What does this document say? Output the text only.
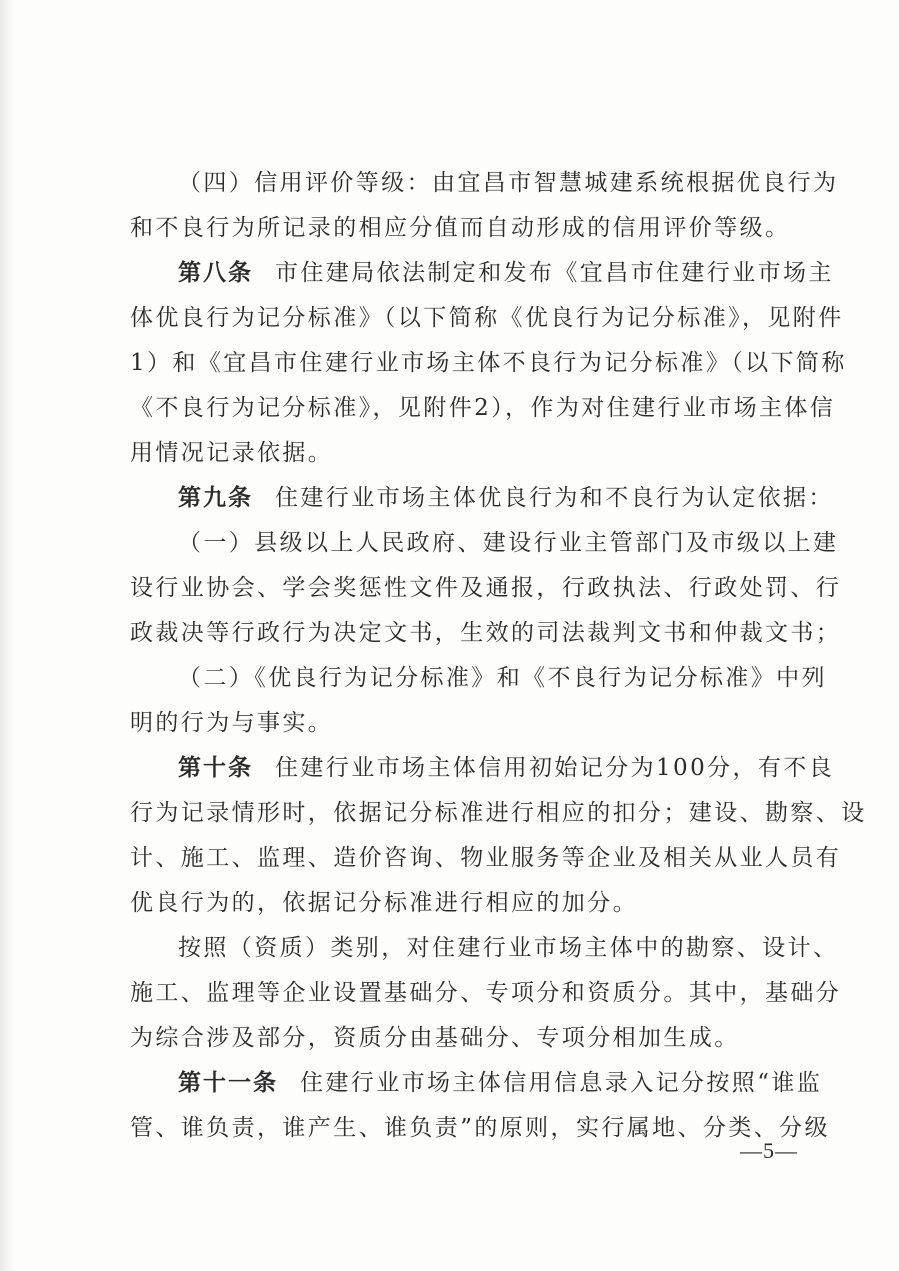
（四）信用评价等级：由宜昌市智慧城建系统根据优良行为
和不良行为所记录的相应分值而自动形成的信用评价等级。
第八条 市住建局依法制定和发布《宜昌市住建行业市场主
体优良行为记分标准》（以下简称《优良行为记分标准》，见附件
1）和《宜昌市住建行业市场主体不良行为记分标准》（以下简称
《不良行为记分标准》，见附件2），作为对住建行业市场主体信
用情况记录依据。
第九条 住建行业市场主体优良行为和不良行为认定依据：
（一）县级以上人民政府、建设行业主管部门及市级以上建
设行业协会、学会奖惩性文件及通报，行政执法、行政处罚、行
政裁决等行政行为决定文书，生效的司法裁判文书和仲裁文书；
（二）《优良行为记分标准》和《不良行为记分标准》中列
明的行为与事实。
第十条 住建行业市场主体信用初始记分为100分，有不良
行为记录情形时，依据记分标准进行相应的扣分；建设、勘察、设
计、施工、监理、造价咨询、物业服务等企业及相关从业人员有
优良行为的，依据记分标准进行相应的加分。
按照（资质）类别，对住建行业市场主体中的勘察、设计、
施工、监理等企业设置基础分、专项分和资质分。其中，基础分
为综合涉及部分，资质分由基础分、专项分相加生成。
第十一条 住建行业市场主体信用信息录入记分按照“谁监
管、谁负责，谁产生、谁负责”的原则，实行属地、分类、分级
—5—
